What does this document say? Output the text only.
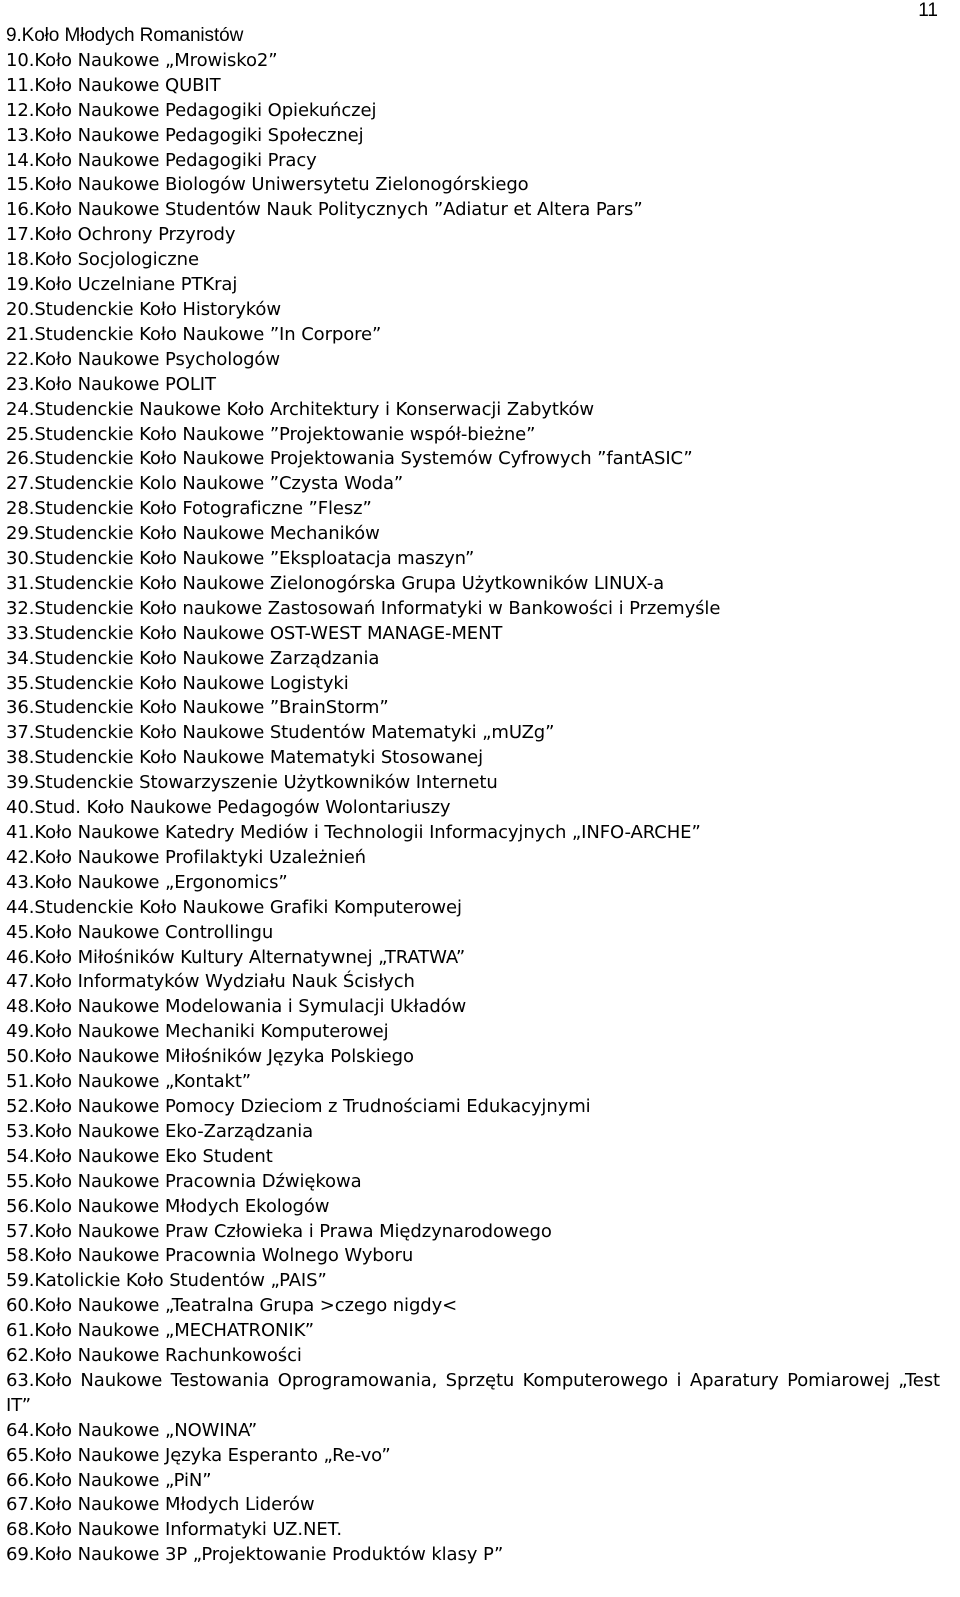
11
9.Koło Młodych Romanistów
10.Koło Naukowe „Mrowisko2”
11.Koło Naukowe QUBIT
12.Koło Naukowe Pedagogiki Opiekuńczej
13.Koło Naukowe Pedagogiki Społecznej
14.Koło Naukowe Pedagogiki Pracy
15.Koło Naukowe Biologów Uniwersytetu Zielonogórskiego
16.Koło Naukowe Studentów Nauk Politycznych ”Adiatur et Altera Pars”
17.Koło Ochrony Przyrody
18.Koło Socjologiczne
19.Koło Uczelniane PTKraj
20.Studenckie Koło Historyków
21.Studenckie Koło Naukowe ”In Corpore”
22.Koło Naukowe Psychologów
23.Koło Naukowe POLIT
24.Studenckie Naukowe Koło Architektury i Konserwacji Zabytków
25.Studenckie Koło Naukowe ”Projektowanie współ-bieżne”
26.Studenckie Koło Naukowe Projektowania Systemów Cyfrowych ”fantASIC”
27.Studenckie Kolo Naukowe ”Czysta Woda”
28.Studenckie Koło Fotograficzne ”Flesz”
29.Studenckie Koło Naukowe Mechaników
30.Studenckie Koło Naukowe ”Eksploatacja maszyn”
31.Studenckie Koło Naukowe Zielonogórska Grupa Użytkowników LINUX-a
32.Studenckie Koło naukowe Zastosowań Informatyki w Bankowości i Przemyśle
33.Studenckie Koło Naukowe OST-WEST MANAGE-MENT
34.Studenckie Koło Naukowe Zarządzania
35.Studenckie Koło Naukowe Logistyki
36.Studenckie Koło Naukowe ”BrainStorm”
37.Studenckie Koło Naukowe Studentów Matematyki „mUZg”
38.Studenckie Koło Naukowe Matematyki Stosowanej
39.Studenckie Stowarzyszenie Użytkowników Internetu
40.Stud. Koło Naukowe Pedagogów Wolontariuszy
41.Koło Naukowe Katedry Mediów i Technologii Informacyjnych „INFO-ARCHE”
42.Koło Naukowe Profilaktyki Uzależnień
43.Koło Naukowe „Ergonomics”
44.Studenckie Koło Naukowe Grafiki Komputerowej
45.Koło Naukowe Controllingu
46.Koło Miłośników Kultury Alternatywnej „TRATWA”
47.Koło Informatyków Wydziału Nauk Ścisłych
48.Koło Naukowe Modelowania i Symulacji Układów
49.Koło Naukowe Mechaniki Komputerowej
50.Koło Naukowe Miłośników Języka Polskiego
51.Koło Naukowe „Kontakt”
52.Koło Naukowe Pomocy Dzieciom z Trudnościami Edukacyjnymi
53.Koło Naukowe Eko-Zarządzania
54.Koło Naukowe Eko Student
55.Koło Naukowe Pracownia Dźwiękowa
56.Kolo Naukowe Młodych Ekologów
57.Koło Naukowe Praw Człowieka i Prawa Międzynarodowego
58.Koło Naukowe Pracownia Wolnego Wyboru
59.Katolickie Koło Studentów „PAIS”
60.Koło Naukowe „Teatralna Grupa >czego nigdy<
61.Koło Naukowe „MECHATRONIK”
62.Koło Naukowe Rachunkowości
63.Koło Naukowe Testowania Oprogramowania, Sprzętu Komputerowego i Aparatury Pomiarowej „Test IT”
64.Koło Naukowe „NOWINA”
65.Koło Naukowe Języka Esperanto „Re-vo”
66.Koło Naukowe „PiN”
67.Koło Naukowe Młodych Liderów
68.Koło Naukowe Informatyki UZ.NET.
69.Koło Naukowe 3P „Projektowanie Produktów klasy P”
